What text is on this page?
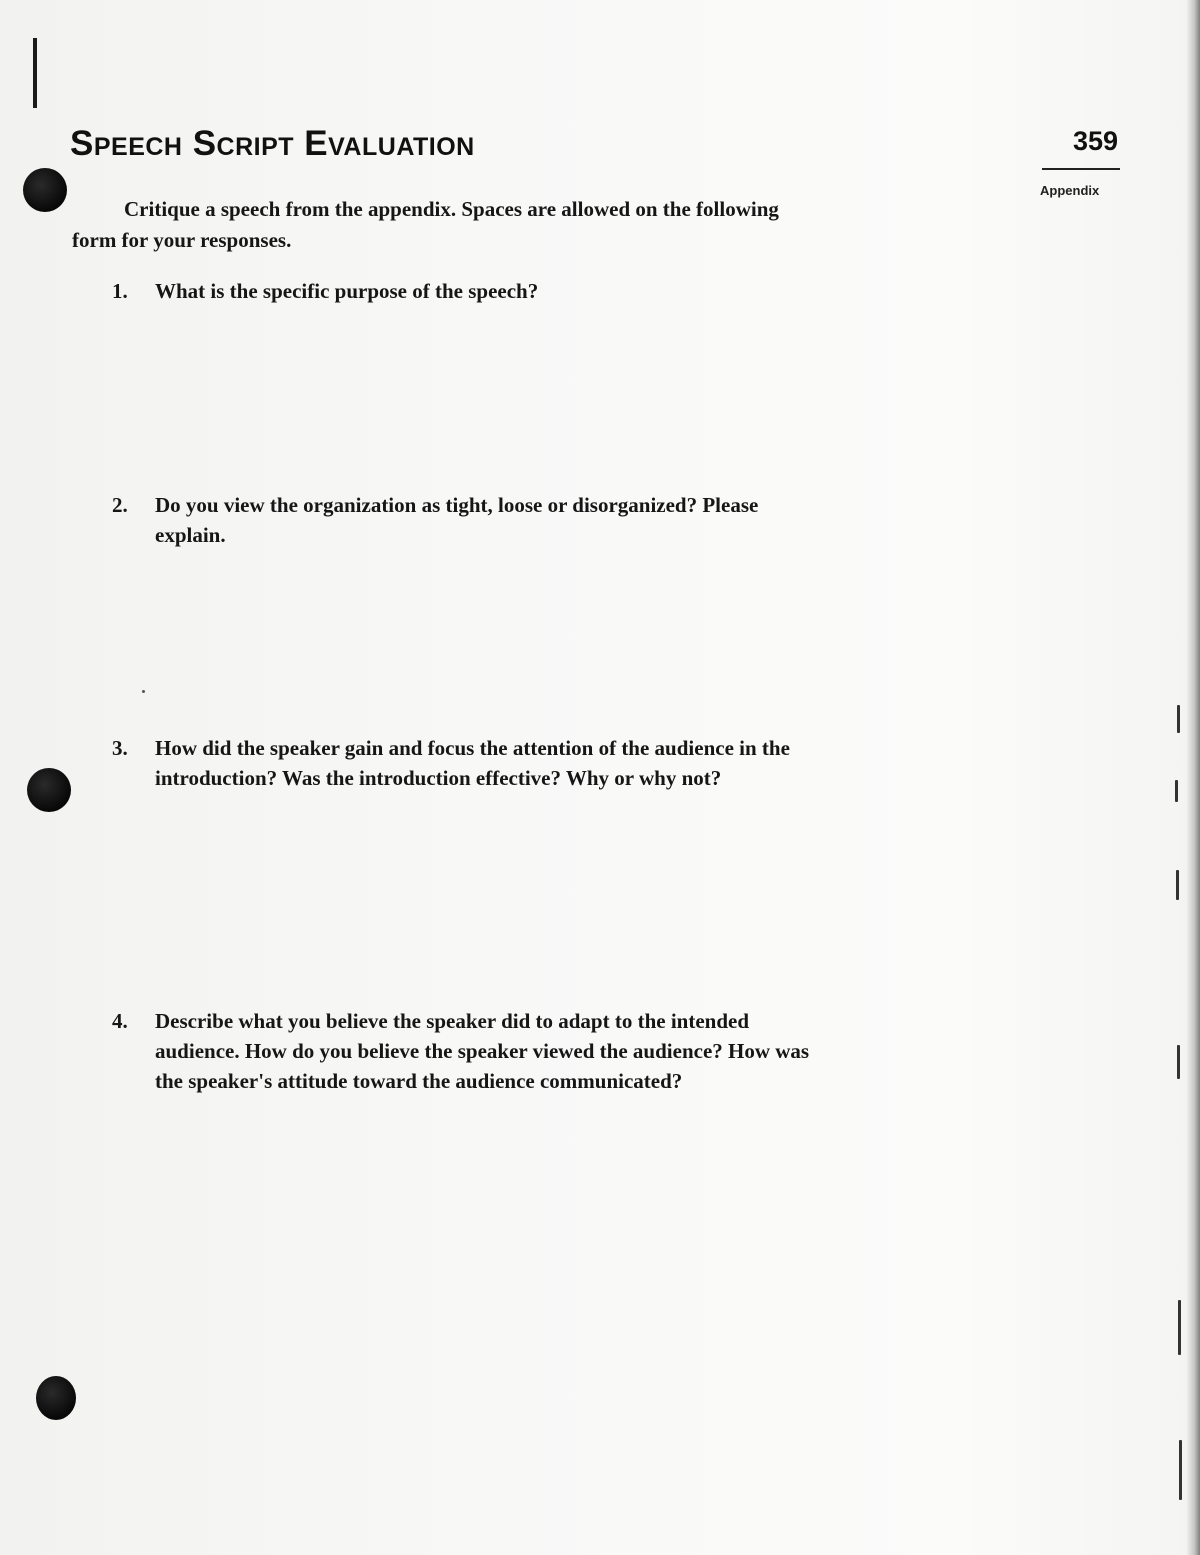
Speech Script Evaluation	359
Appendix

Critique a speech from the appendix. Spaces are allowed on the following form for your responses.

1.	What is the specific purpose of the speech?
2.	Do you view the organization as tight, loose or disorganized? Please explain.
3.	How did the speaker gain and focus the attention of the audience in the introduction? Was the introduction effective? Why or why not?
4.	Describe what you believe the speaker did to adapt to the intended audience. How do you believe the speaker viewed the audience? How was the speaker's attitude toward the audience communicated?
